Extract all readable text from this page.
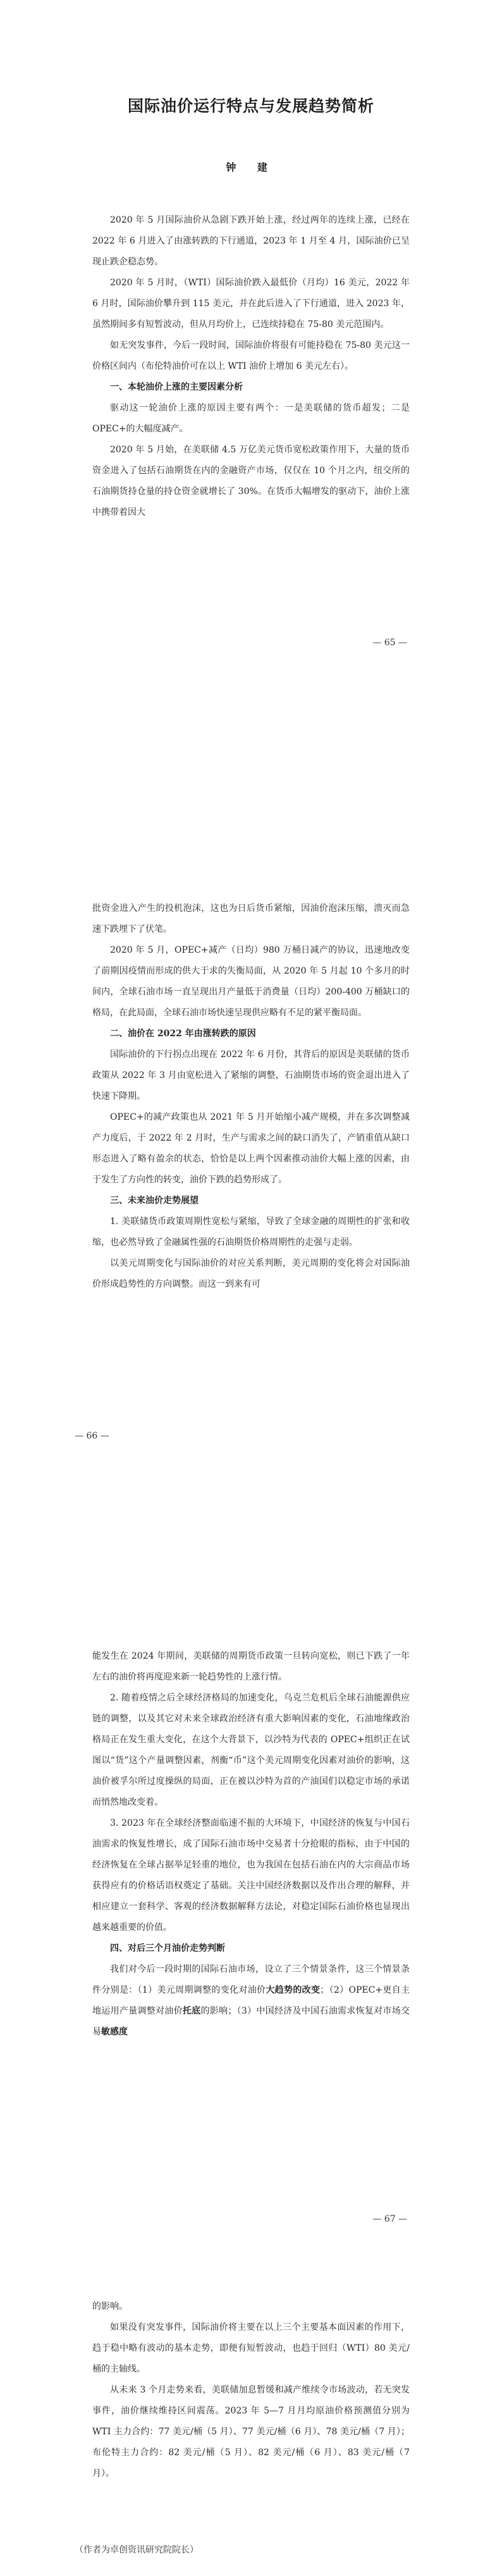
国际油价运行特点与发展趋势简析
钟 建

2020 年 5 月国际油价从急剧下跌开始上涨，经过两年的连续上涨，已经在 2022 年 6 月进入了由涨转跌的下行通道，2023 年 1 月至 4 月，国际油价已呈现止跌企稳态势。

2020 年 5 月时，（WTI）国际油价跌入最低价（月均）16 美元，2022 年 6 月时，国际油价攀升到 115 美元，并在此后进入了下行通道，进入 2023 年，虽然期间多有短暂波动，但从月均价上，已连续持稳在 75-80 美元范围内。

如无突发事件，今后一段时间，国际油价将很有可能持稳在 75-80 美元这一价格区间内（布伦特油价可在以上 WTI 油价上增加 6 美元左右）。

一、本轮油价上涨的主要因素分析

驱动这一轮油价上涨的原因主要有两个：一是美联储的货币超发；二是 OPEC+的大幅度减产。

2020 年 5 月始，在美联储 4.5 万亿美元货币宽松政策作用下，大量的货币资金进入了包括石油期货在内的金融资产市场，仅仅在 10 个月之内，纽交所的石油期货持仓量的持仓资金就增长了 30%。在货币大幅增发的驱动下，油价上涨中携带着因大

— 65 —

批资金进入产生的投机泡沫，这也为日后货币紧缩，因油价泡沫压缩，溃灭而急速下跌埋下了伏笔。

2020 年 5 月，OPEC+减产（日均）980 万桶日减产的协议，迅速地改变了前期因疫情而形成的供大于求的失衡局面，从 2020 年 5 月起 10 个多月的时间内，全球石油市场一直呈现出月产量低于消费量（日均）200-400 万桶缺口的格局，在此局面，全球石油市场快速呈现供应略有不足的紧平衡局面。

二、油价在 2022 年由涨转跌的原因

国际油价的下行拐点出现在 2022 年 6 月份，其背后的原因是美联储的货币政策从 2022 年 3 月由宽松进入了紧缩的调整，石油期货市场的资金退出进入了快速下降期。

OPEC+的减产政策也从 2021 年 5 月开始缩小减产规模，并在多次调整减产力度后，于 2022 年 2 月时，生产与需求之间的缺口消失了，产销重值从缺口形态进入了略有盈余的状态，恰恰是以上两个因素推动油价大幅上涨的因素，由于发生了方向性的转变，油价下跌的趋势形成了。

三、未来油价走势展望

1. 美联储货币政策周期性宽松与紧缩，导致了全球金融的周期性的扩张和收缩，也必然导致了金融属性强的石油期货价格周期性的走强与走弱。

以美元周期变化与国际油价的对应关系判断，美元周期的变化将会对国际油价形成趋势性的方向调整。而这一到来有可

— 66 —

能发生在 2024 年期间，美联储的周期货币政策一旦转向宽松，则已下跌了一年左右的油价将再度迎来新一轮趋势性的上涨行情。

2. 随着疫情之后全球经济格局的加速变化，乌克兰危机后全球石油能源供应链的调整，以及其它对未来全球政治经济有重大影响因素的变化，石油地缘政治格局正在发生重大变化，在这个大背景下，以沙特为代表的 OPEC+组织正在试图以“货”这个产量调整因素，剂衡“币”这个美元周期变化因素对油价的影响，这油价被孚尔所过度操纵的局面，正在被以沙特为首的产油国们以稳定市场的承诺而悄然地改变着。

3. 2023 年在全球经济整面临速不振的大环境下，中国经济的恢复与中国石油需求的恢复性增长，成了国际石油市场中交易者十分抢眼的指标，由于中国的经济恢复在全球占据举足轻重的地位，也为我国在包括石油在内的大宗商品市场获得应有的价格话语权奠定了基础。关注中国经济数据以及作出合理的解释，并相应建立一套科学、客观的经济数据解释方法论，对稳定国际石油价格也显现出越来越重要的价值。

四、对后三个月油价走势判断

我们对今后一段时期的国际石油市场，设立了三个情景条件，这三个情景条件分别是：（1）美元周期调整的变化对油价大趋势的改变；（2）OPEC+更自主地运用产量调整对油价托底的影响；（3）中国经济及中国石油需求恢复对市场交易敏感度

— 67 —

的影响。

如果没有突发事件，国际油价将主要在以上三个主要基本面因素的作用下，趋于稳中略有波动的基本走势，即便有短暂波动，也趋于回归（WTI）80 美元/桶的主轴线。

从未来 3 个月走势来看，美联储加息暂缓和减产维续令市场波动，若无突发事件，油价继续维持区间震荡。2023 年 5—7 月月均原油价格预测值分别为 WTI 主力合约：77 美元/桶（5 月）、77 美元/桶（6 月）、78 美元/桶（7 月）；布伦特主力合约：82 美元/桶（5 月）、82 美元/桶（6 月）、83 美元/桶（7 月）。

（作者为卓创资讯研究院院长）
